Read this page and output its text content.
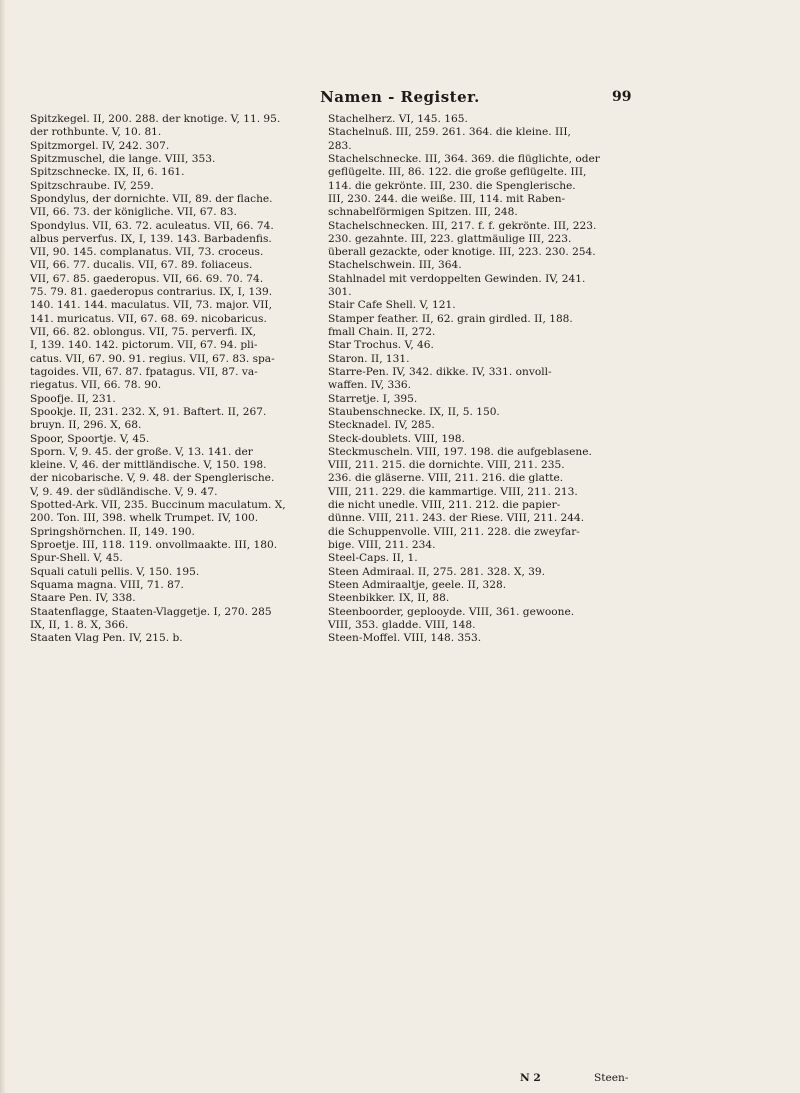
Namen - Register.	99
Spitzkegel. II, 200. 288. der knotige. V, 11. 95.
der rothbunte. V, 10. 81.
Spitzmorgel. IV, 242. 307.
Spitzmuschel, die lange. VIII, 353.
Spitzschnecke. IX, II, 6. 161.
Spitzschraube. IV, 259.
Spondylus, der dornichte. VII, 89. der flache.
VII, 66. 73. der königliche. VII, 67. 83.
Spondylus. VII, 63. 72. aculeatus. VII, 66. 74.
albus perverfus. IX, I, 139. 143. Barbadenfis.
VII, 90. 145. complanatus. VII, 73. croceus.
VII, 66. 77. ducalis. VII, 67. 89. foliaceus.
VII, 67. 85. gaederopus. VII, 66. 69. 70. 74.
75. 79. 81. gaederopus contrarius. IX, I, 139.
140. 141. 144. maculatus. VII, 73. major. VII,
141. muricatus. VII, 67. 68. 69. nicobaricus.
VII, 66. 82. oblongus. VII, 75. perverfi. IX,
I, 139. 140. 142. pictorum. VII, 67. 94. pli-
catus. VII, 67. 90. 91. regius. VII, 67. 83. spa-
tagoides. VII, 67. 87. fpatagus. VII, 87. va-
riegatus. VII, 66. 78. 90.
Spoofje. II, 231.
Spookje. II, 231. 232. X, 91. Baftert. II, 267.
bruyn. II, 296. X, 68.
Spoor, Spoortje. V, 45.
Sporn. V, 9. 45. der große. V, 13. 141. der
kleine. V, 46. der mittländische. V, 150. 198.
der nicobarische. V, 9. 48. der Spenglerische.
V, 9. 49. der südländische. V, 9. 47.
Spotted-Ark. VII, 235. Buccinum maculatum. X,
200. Ton. III, 398. whelk Trumpet. IV, 100.
Springshörnchen. II, 149. 190.
Sproetje. III, 118. 119. onvollmaakte. III, 180.
Spur-Shell. V, 45.
Squali catuli pellis. V, 150. 195.
Squama magna. VIII, 71. 87.
Staare Pen. IV, 338.
Staatenflagge, Staaten-Vlaggetje. I, 270. 285
IX, II, 1. 8. X, 366.
Staaten Vlag Pen. IV, 215. b.
Stachelherz. VI, 145. 165.
Stachelnuß. III, 259. 261. 364. die kleine. III,
283.
Stachelschnecke. III, 364. 369. die flüglichte, oder
geflügelte. III, 86. 122. die große geflügelte. III,
114. die gekrönte. III, 230. die Spenglerische.
III, 230. 244. die weiße. III, 114. mit Raben-
schnabelförmigen Spitzen. III, 248.
Stachelschnecken. III, 217. f. f. gekrönte. III, 223.
230. gezahnte. III, 223. glattmäulige III, 223.
überall gezackte, oder knotige. III, 223. 230. 254.
Stachelschwein. III, 364.
Stahlnadel mit verdoppelten Gewinden. IV, 241.
301.
Stair Cafe Shell. V, 121.
Stamper feather. II, 62. grain girdled. II, 188.
fmall Chain. II, 272.
Star Trochus. V, 46.
Staron. II, 131.
Starre-Pen. IV, 342. dikke. IV, 331. onvoll-
waffen. IV, 336.
Starretje. I, 395.
Staubenschnecke. IX, II, 5. 150.
Stecknadel. IV, 285.
Steck-doublets. VIII, 198.
Steckmuscheln. VIII, 197. 198. die aufgeblasene.
VIII, 211. 215. die dornichte. VIII, 211. 235.
236. die gläserne. VIII, 211. 216. die glatte.
VIII, 211. 229. die kammartige. VIII, 211. 213.
die nicht unedle. VIII, 211. 212. die papier-
dünne. VIII, 211. 243. der Riese. VIII, 211. 244.
die Schuppenvolle. VIII, 211. 228. die zweyfar-
bige. VIII, 211. 234.
Steel-Caps. II, 1.
Steen Admiraal. II, 275. 281. 328. X, 39.
Steen Admiraaltje, geele. II, 328.
Steenbikker. IX, II, 88.
Steenboorder, geplooyde. VIII, 361. gewoone.
VIII, 353. gladde. VIII, 148.
Steen-Moffel. VIII, 148. 353.
N 2	Steen-
